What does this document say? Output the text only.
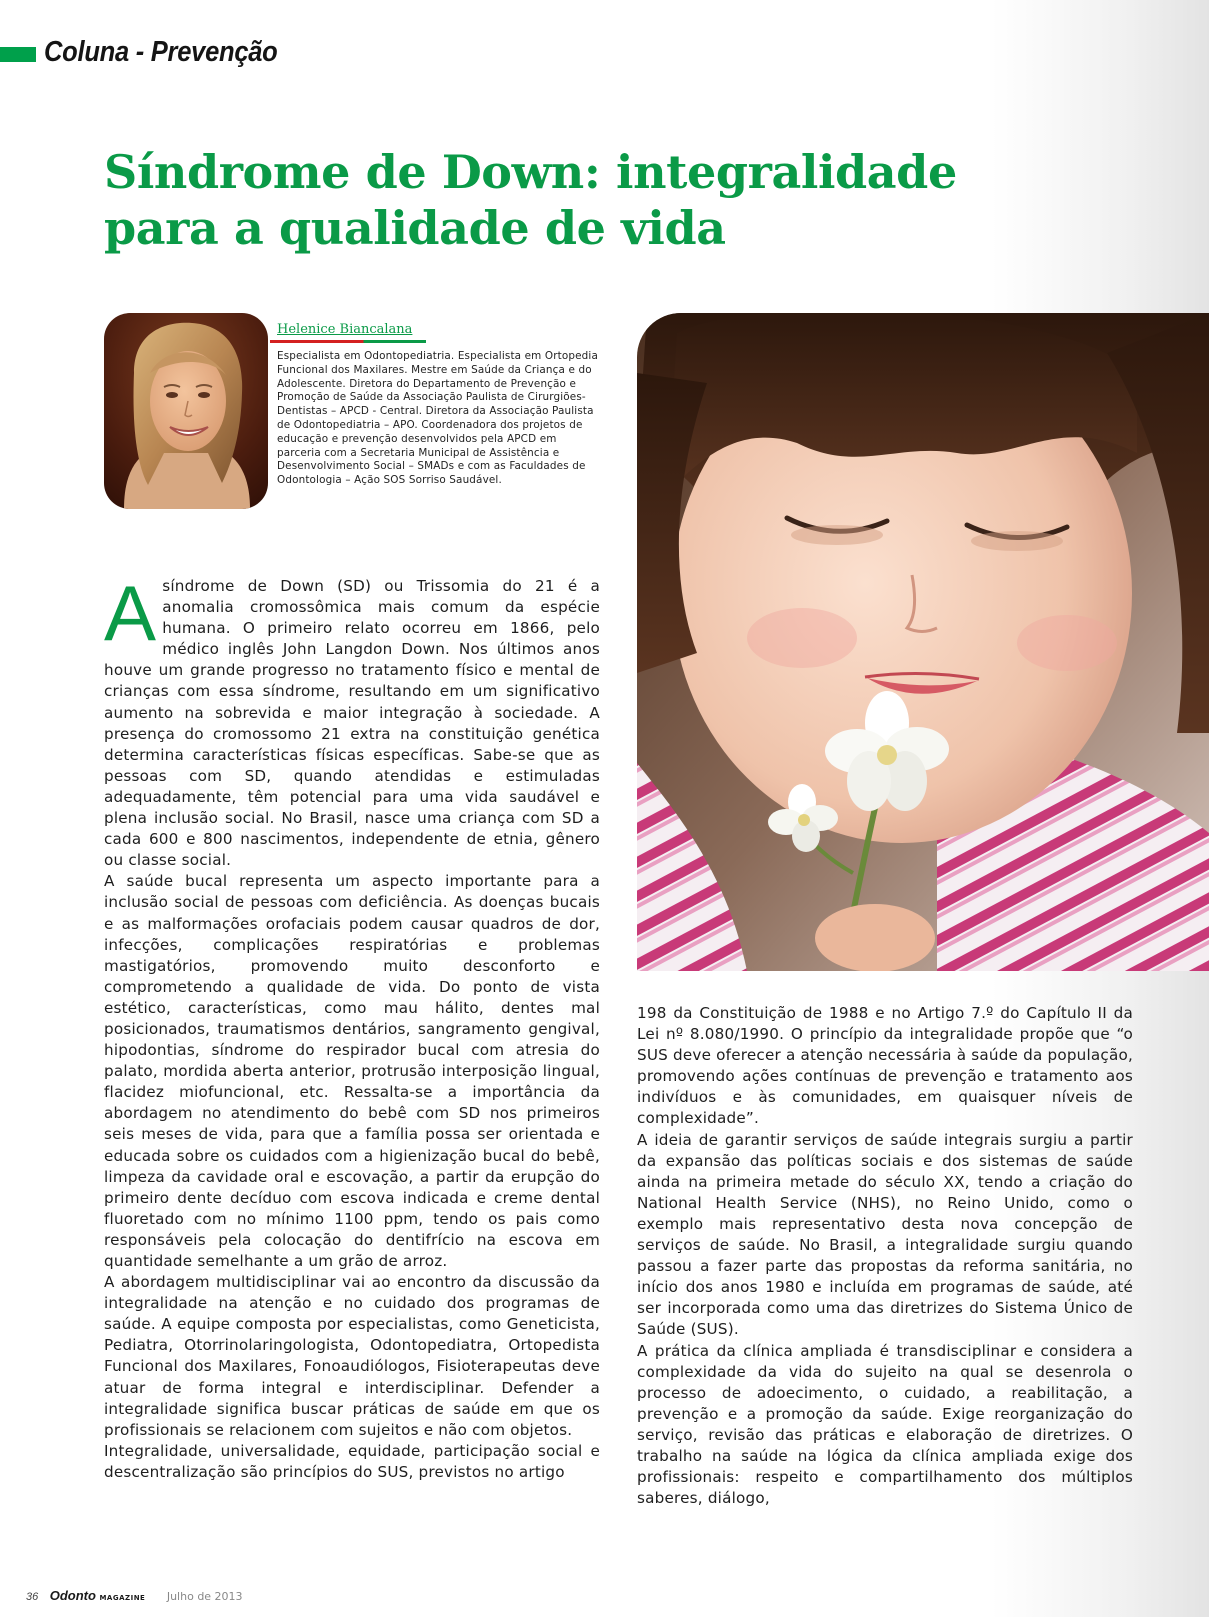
Coluna - Prevenção
Síndrome de Down: integralidade
para a qualidade de vida
Helenice Biancalana

Especialista em Odontopediatria. Especialista em Ortopedia Funcional dos Maxilares. Mestre em Saúde da Criança e do Adolescente. Diretora do Departamento de Prevenção e Promoção de Saúde da Associação Paulista de Cirurgiões-Dentistas – APCD - Central. Diretora da Associação Paulista de Odontopediatria – APO. Coordenadora dos projetos de educação e prevenção desenvolvidos pela APCD em parceria com a Secretaria Municipal de Assistência e Desenvolvimento Social – SMADs e com as Faculdades de Odontologia – Ação SOS Sorriso Saudável.

A síndrome de Down (SD) ou Trissomia do 21 é a anomalia cromossômica mais comum da espécie humana. O primeiro relato ocorreu em 1866, pelo médico inglês John Langdon Down. Nos últimos anos houve um grande progresso no tratamento físico e mental de crianças com essa síndrome, resultando em um significativo aumento na sobrevida e maior integração à sociedade. A presença do cromossomo 21 extra na constituição genética determina características físicas específicas. Sabe-se que as pessoas com SD, quando atendidas e estimuladas adequadamente, têm potencial para uma vida saudável e plena inclusão social. No Brasil, nasce uma criança com SD a cada 600 e 800 nascimentos, independente de etnia, gênero ou classe social.

A saúde bucal representa um aspecto importante para a inclusão social de pessoas com deficiência. As doenças bucais e as malformações orofaciais podem causar quadros de dor, infecções, complicações respiratórias e problemas mastigatórios, promovendo muito desconforto e comprometendo a qualidade de vida. Do ponto de vista estético, características, como mau hálito, dentes mal posicionados, traumatismos dentários, sangramento gengival, hipodontias, síndrome do respirador bucal com atresia do palato, mordida aberta anterior, protrusão interposição lingual, flacidez miofuncional, etc. Ressalta-se a importância da abordagem no atendimento do bebê com SD nos primeiros seis meses de vida, para que a família possa ser orientada e educada sobre os cuidados com a higienização bucal do bebê, limpeza da cavidade oral e escovação, a partir da erupção do primeiro dente decíduo com escova indicada e creme dental fluoretado com no mínimo 1100 ppm, tendo os pais como responsáveis pela colocação do dentifrício na escova em quantidade semelhante a um grão de arroz.

A abordagem multidisciplinar vai ao encontro da discussão da integralidade na atenção e no cuidado dos programas de saúde. A equipe composta por especialistas, como Geneticista, Pediatra, Otorrinolaringologista, Odontopediatra, Ortopedista Funcional dos Maxilares, Fonoaudiólogos, Fisioterapeutas deve atuar de forma integral e interdisciplinar. Defender a integralidade significa buscar práticas de saúde em que os profissionais se relacionem com sujeitos e não com objetos.

Integralidade, universalidade, equidade, participação social e descentralização são princípios do SUS, previstos no artigo

198 da Constituição de 1988 e no Artigo 7.º do Capítulo II da Lei nº 8.080/1990. O princípio da integralidade propõe que “o SUS deve oferecer a atenção necessária à saúde da população, promovendo ações contínuas de prevenção e tratamento aos indivíduos e às comunidades, em quaisquer níveis de complexidade”.

A ideia de garantir serviços de saúde integrais surgiu a partir da expansão das políticas sociais e dos sistemas de saúde ainda na primeira metade do século XX, tendo a criação do National Health Service (NHS), no Reino Unido, como o exemplo mais representativo desta nova concepção de serviços de saúde. No Brasil, a integralidade surgiu quando passou a fazer parte das propostas da reforma sanitária, no início dos anos 1980 e incluída em programas de saúde, até ser incorporada como uma das diretrizes do Sistema Único de Saúde (SUS).

A prática da clínica ampliada é transdisciplinar e considera a complexidade da vida do sujeito na qual se desenrola o processo de adoecimento, o cuidado, a reabilitação, a prevenção e a promoção da saúde. Exige reorganização do serviço, revisão das práticas e elaboração de diretrizes. O trabalho na saúde na lógica da clínica ampliada exige dos profissionais: respeito e compartilhamento dos múltiplos saberes, diálogo,

36 Odonto MAGAZINE Julho de 2013
